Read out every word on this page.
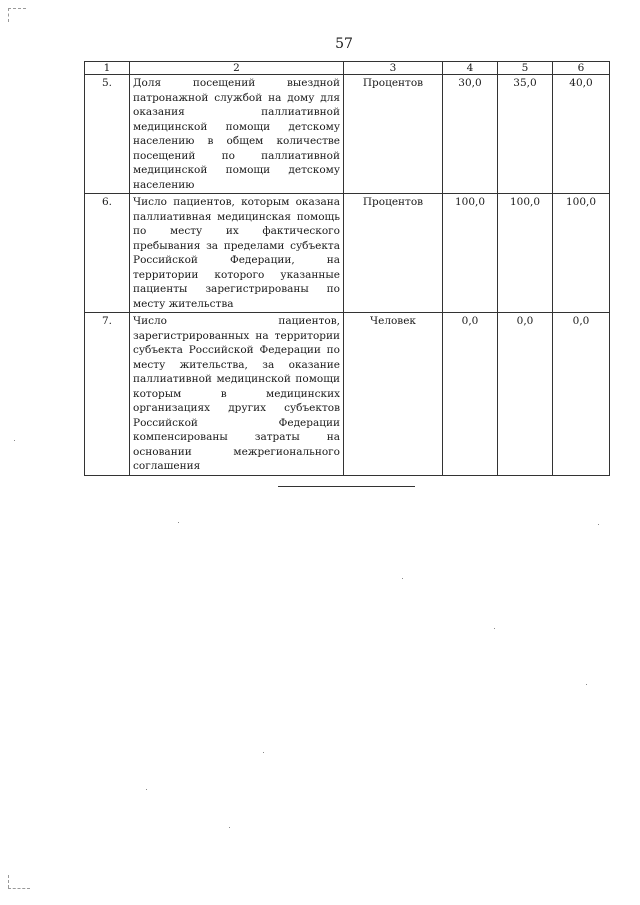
57
1	2	3	4	5	6
5.	Доля посещений выездной патронажной службой на дому для оказания паллиативной медицинской помощи детскому населению в общем количестве посещений по паллиативной медицинской помощи детскому населению	Процентов	30,0	35,0	40,0
6.	Число пациентов, которым оказана паллиативная медицинская помощь по месту их фактического пребывания за пределами субъекта Российской Федерации, на территории которого указанные пациенты зарегистрированы по месту жительства	Процентов	100,0	100,0	100,0
7.	Число пациентов, зарегистрированных на территории субъекта Российской Федерации по месту жительства, за оказание паллиативной медицинской помощи которым в медицинских организациях других субъектов Российской Федерации компенсированы затраты на основании межрегионального соглашения	Человек	0,0	0,0	0,0
